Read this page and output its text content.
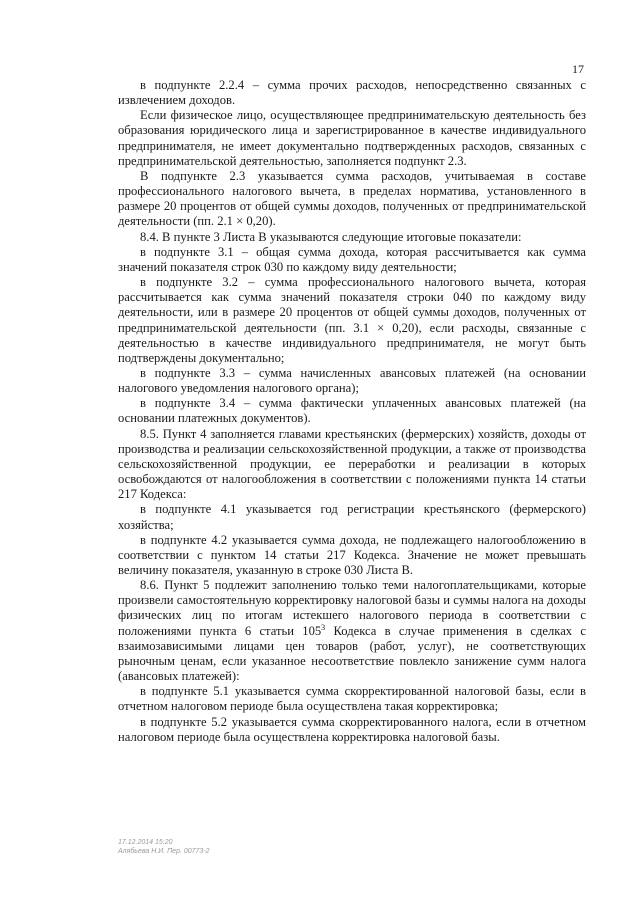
17

в подпункте 2.2.4 – сумма прочих расходов, непосредственно связанных с извлечением доходов.

Если физическое лицо, осуществляющее предпринимательскую деятельность без образования юридического лица и зарегистрированное в качестве индивидуального предпринимателя, не имеет документально подтвержденных расходов, связанных с предпринимательской деятельностью, заполняется подпункт 2.3.

В подпункте 2.3 указывается сумма расходов, учитываемая в составе профессионального налогового вычета, в пределах норматива, установленного в размере 20 процентов от общей суммы доходов, полученных от предпринимательской деятельности (пп. 2.1 × 0,20).

8.4. В пункте 3 Листа В указываются следующие итоговые показатели:

в подпункте 3.1 – общая сумма дохода, которая рассчитывается как сумма значений показателя строк 030 по каждому виду деятельности;

в подпункте 3.2 – сумма профессионального налогового вычета, которая рассчитывается как сумма значений показателя строки 040 по каждому виду деятельности, или в размере 20 процентов от общей суммы доходов, полученных от предпринимательской деятельности (пп. 3.1 × 0,20), если расходы, связанные с деятельностью в качестве индивидуального предпринимателя, не могут быть подтверждены документально;

в подпункте 3.3 – сумма начисленных авансовых платежей (на основании налогового уведомления налогового органа);

в подпункте 3.4 – сумма фактически уплаченных авансовых платежей (на основании платежных документов).

8.5. Пункт 4 заполняется главами крестьянских (фермерских) хозяйств, доходы от производства и реализации сельскохозяйственной продукции, а также от производства сельскохозяйственной продукции, ее переработки и реализации в которых освобождаются от налогообложения в соответствии с положениями пункта 14 статьи 217 Кодекса:

в подпункте 4.1 указывается год регистрации крестьянского (фермерского) хозяйства;

в подпункте 4.2 указывается сумма дохода, не подлежащего налогообложению в соответствии с пунктом 14 статьи 217 Кодекса. Значение не может превышать величину показателя, указанную в строке 030 Листа В.

8.6. Пункт 5 подлежит заполнению только теми налогоплательщиками, которые произвели самостоятельную корректировку налоговой базы и суммы налога на доходы физических лиц по итогам истекшего налогового периода в соответствии с положениями пункта 6 статьи $105^3$ Кодекса в случае применения в сделках с взаимозависимыми лицами цен товаров (работ, услуг), не соответствующих рыночным ценам, если указанное несоответствие повлекло занижение сумм налога (авансовых платежей):

в подпункте 5.1 указывается сумма скорректированной налоговой базы, если в отчетном налоговом периоде была осуществлена такая корректировка;

в подпункте 5.2 указывается сумма скорректированного налога, если в отчетном налоговом периоде была осуществлена корректировка налоговой базы.

17.12.2014 15:20
Алябьева Н.И. Пер. 00773-2
